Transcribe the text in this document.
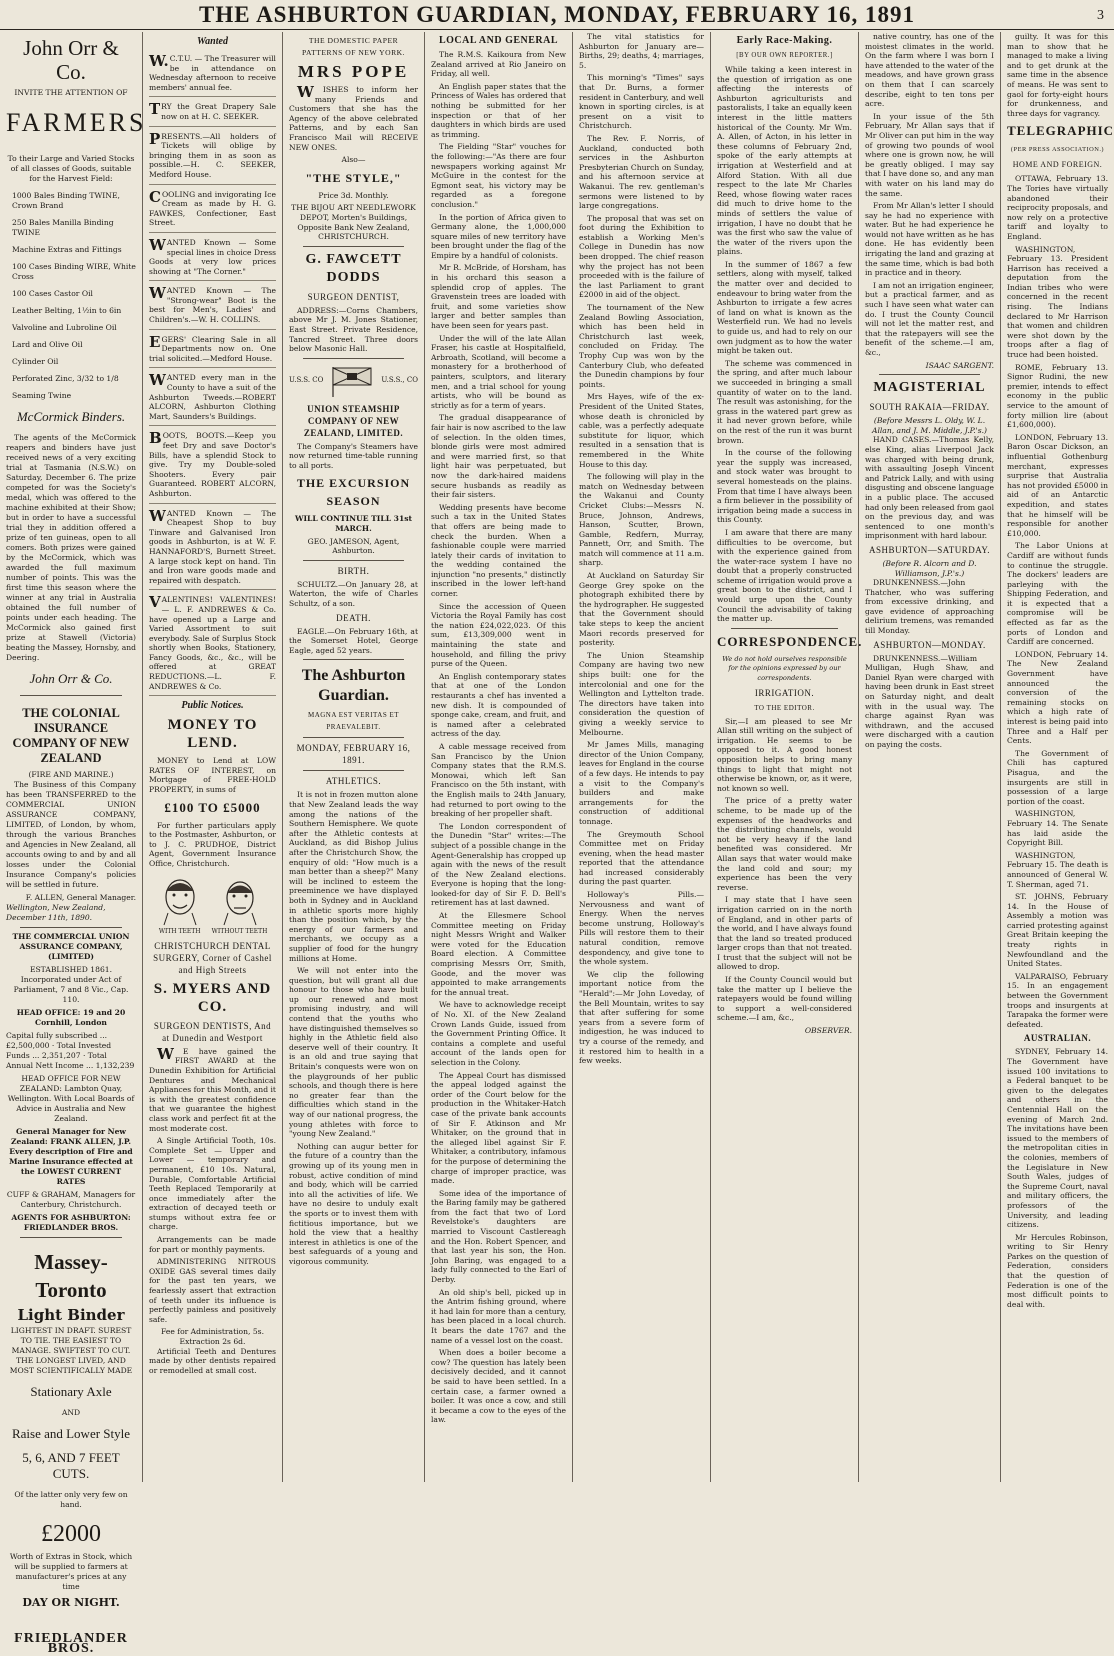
THE ASHBURTON GUARDIAN, MONDAY, FEBRUARY 16, 1891	3
John Orr & Co.
INVITE THE ATTENTION OF
FARMERS
To their Large and Varied Stocks of all classes of Goods, suitable for the Harvest Field:
1000 Bales Binding TWINE, Crown Brand
250 Bales Manilla Binding TWINE
Machine Extras and Fittings
100 Cases Binding WIRE, White Cross
100 Cases Castor Oil
Leather Belting, 1½in to 6in
Valvoline and Lubroline Oil
Lard and Olive Oil
Cylinder Oil
Perforated Zinc, 3/32 to 1/8
Seaming Twine
McCormick Binders.

The agents of the McCormick reapers and binders have just received news of a very exciting trial at Tasmania (N.S.W.) on Saturday, December 6. The prize competed for was the Society's medal, which was offered to the machine exhibited at their Show; but in order to have a successful trial they in addition offered a prize of ten guineas, open to all comers. Both prizes were gained by the McCormick, which was awarded the full maximum number of points. This was the first time this season where the winner at any trial in Australia obtained the full number of points under each heading. The McCormick also gained first prize at Stawell (Victoria) beating the Massey, Hornsby, and Deering.

John Orr & Co.
THE COLONIAL INSURANCE COMPANY OF NEW ZEALAND
(FIRE AND MARINE.)

The Business of this Company has been TRANSFERRED to the COMMERCIAL UNION ASSURANCE COMPANY, LIMITED, of London, by whom, through the various Branches and Agencies in New Zealand, all accounts owing to and by and all losses under the Colonial Insurance Company's policies will be settled in future.

F. ALLEN, General Manager.
Wellington, New Zealand, December 11th, 1890.
THE COMMERCIAL UNION ASSURANCE COMPANY, (LIMITED)
ESTABLISHED 1861.
Incorporated under Act of Parliament, 7 and 8 Vic., Cap. 110.
HEAD OFFICE: 19 and 20 Cornhill, London
Capital fully subscribed ... £2,500,000 · Total Invested Funds ... 2,351,207 · Total Annual Nett Income ... 1,132,239
HEAD OFFICE FOR NEW ZEALAND: Lambton Quay, Wellington. With Local Boards of Advice in Australia and New Zealand.
General Manager for New Zealand: FRANK ALLEN, J.P. Every description of Fire and Marine Insurance effected at the LOWEST CURRENT RATES
CUFF & GRAHAM, Managers for Canterbury, Christchurch.
AGENTS FOR ASHBURTON: FRIEDLANDER BROS.
Massey-Toronto
Light Binder
LIGHTEST IN DRAFT. SUREST TO TIE. THE EASIEST TO MANAGE. SWIFTEST TO CUT. THE LONGEST LIVED, AND MOST SCIENTIFICALLY MADE
Stationary Axle
AND
Raise and Lower Style
5, 6, AND 7 FEET CUTS.
Of the latter only very few on hand.
£2000
Worth of Extras in Stock, which will be supplied to farmers at manufacturer's prices at any time
DAY OR NIGHT.
FRIEDLANDER BROS.
Wanted
W.C.T.U. — The Treasurer will be in attendance on Wednesday afternoon to receive members' annual fee.
TRY the Great Drapery Sale now on at H. C. SEEKER.
PRESENTS.—All holders of Tickets will oblige by bringing them in as soon as possible.—H. C. SEEKER, Medford House.
COOLING and invigorating Ice Cream as made by H. G. FAWKES, Confectioner, East Street.
WANTED Known — Some special lines in choice Dress Goods at very low prices showing at "The Corner."
WANTED Known — The "Strong-wear" Boot is the best for Men's, Ladies' and Children's.—W. H. COLLINS.
EGERS' Clearing Sale in all Departments now on. One trial solicited.—Medford House.
WANTED every man in the County to have a suit of the Ashburton Tweeds.—ROBERT ALCORN, Ashburton Clothing Mart, Saunders's Buildings.
BOOTS, BOOTS.—Keep you feet Dry and save Doctor's Bills, have a splendid Stock to give. Try my Double-soled Shooters. Every pair Guaranteed. ROBERT ALCORN, Ashburton.
WANTED Known — The Cheapest Shop to buy Tinware and Galvanised Iron goods in Ashburton, is at W. F. HANNAFORD'S, Burnett Street. A large stock kept on hand. Tin and Iron ware goods made and repaired with despatch.
VALENTINES! VALENTINES! — L. F. ANDREWES & Co. have opened up a Large and Varied Assortment to suit everybody. Sale of Surplus Stock shortly when Books, Stationery, Fancy Goods, &c., &c., will be offered at GREAT REDUCTIONS.—L. F. ANDREWES & Co.
Public Notices.
MONEY TO LEND.

MONEY to Lend at LOW RATES OF INTEREST, on Mortgage of FREE-HOLD PROPERTY, in sums of

£100 TO £5000

For further particulars apply to the Postmaster, Ashburton, or to J. C. PRUDHOE, District Agent, Government Insurance Office, Christchurch.

WITH TEETH WITHOUT TEETH
CHRISTCHURCH DENTAL SURGERY, Corner of Cashel and High Streets
S. MYERS AND CO.
SURGEON DENTISTS, And at Dunedin and Westport

WE have gained the FIRST AWARD at the Dunedin Exhibition for Artificial Dentures and Mechanical Appliances for this Month, and it is with the greatest confidence that we guarantee the highest class work and perfect fit at the most moderate cost.

A Single Artificial Tooth, 10s. Complete Set — Upper and Lower — temporary and permanent, £10 10s. Natural, Durable, Comfortable Artificial Teeth Replaced Temporarily at once immediately after the extraction of decayed teeth or stumps without extra fee or charge.

Arrangements can be made for part or monthly payments.

ADMINISTERING NITROUS OXIDE GAS several times daily for the past ten years, we fearlessly assert that extraction of teeth under its influence is perfectly painless and positively safe.

Fee for Administration, 5s. Extraction 2s 6d.

Artificial Teeth and Dentures made by other dentists repaired or remodelled at small cost.

THE DOMESTIC PAPER PATTERNS OF NEW YORK.
MRS POPE

WISHES to inform her many Friends and Customers that she has the Agency of the above celebrated Patterns, and by each San Francisco Mail will RECEIVE NEW ONES.

Also—
"THE STYLE,"
Price 3d. Monthly.
THE BIJOU ART NEEDLEWORK DEPOT, Morten's Buildings, Opposite Bank New Zealand, CHRISTCHURCH.
G. FAWCETT DODDS
SURGEON DENTIST,

ADDRESS:—Corns Chambers, above Mr J. M. Jones Stationer, East Street. Private Residence, Tancred Street. Three doors below Masonic Hall.

U.S.S. CO	U.S.S., CO
UNION STEAMSHIP COMPANY OF NEW ZEALAND, LIMITED.

The Company's Steamers have now returned time-table running to all ports.

THE EXCURSION SEASON
WILL CONTINUE TILL 31st MARCH.
GEO. JAMESON, Agent, Ashburton.
BIRTH.

SCHULTZ.—On January 28, at Waterton, the wife of Charles Schultz, of a son.

DEATH.

EAGLE.—On February 16th, at the Somerset Hotel, George Eagle, aged 52 years.

The Ashburton Guardian.
MAGNA EST VERITAS ET PRAEVALEBIT.
MONDAY, FEBRUARY 16, 1891.
ATHLETICS.

It is not in frozen mutton alone that New Zealand leads the way among the nations of the Southern Hemisphere. We quote after the Athletic contests at Auckland, as did Bishop Julius after the Christchurch Show, the enquiry of old: "How much is a man better than a sheep?" Many will be inclined to esteem the preeminence we have displayed both in Sydney and in Auckland in athletic sports more highly than the position which, by the energy of our farmers and merchants, we occupy as a supplier of food for the hungry millions at Home.

We will not enter into the question, but will grant all due honour to those who have built up our renewed and most promising industry, and will contend that the youths who have distinguished themselves so highly in the Athletic field also deserve well of their country. It is an old and true saying that Britain's conquests were won on the playgrounds of her public schools, and though there is here no greater fear than the difficulties which stand in the way of our national progress, the young athletes with force to "young New Zealand."

Nothing can augur better for the future of a country than the growing up of its young men in robust, active condition of mind and body, which will be carried into all the activities of life. We have no desire to unduly exalt the sports or to invest them with fictitious importance, but we hold the view that a healthy interest in athletics is one of the best safeguards of a young and vigorous community.

LOCAL AND GENERAL

The R.M.S. Kaikoura from New Zealand arrived at Rio Janeiro on Friday, all well.

An English paper states that the Princess of Wales has ordered that nothing be submitted for her inspection or that of her daughters in which birds are used as trimming.

The Fielding "Star" vouches for the following:—"As there are four newspapers working against Mr McGuire in the contest for the Egmont seat, his victory may be regarded as a foregone conclusion."

In the portion of Africa given to Germany alone, the 1,000,000 square miles of new territory have been brought under the flag of the Empire by a handful of colonists.

Mr R. McBride, of Horsham, has in his orchard this season a splendid crop of apples. The Gravenstein trees are loaded with fruit, and some varieties show larger and better samples than have been seen for years past.

Under the will of the late Allan Fraser, his castle at Hospitalfield, Arbroath, Scotland, will become a monastery for a brotherhood of painters, sculptors, and literary men, and a trial school for young artists, who will be bound as strictly as for a term of years.

The gradual disappearance of fair hair is now ascribed to the law of selection. In the olden times, blonde girls were most admired and were married first, so that light hair was perpetuated, but now the dark-haired maidens secure husbands as readily as their fair sisters.

Wedding presents have become such a tax in the United States that offers are being made to check the burden. When a fashionable couple were married lately their cards of invitation to the wedding contained the injunction "no presents," distinctly inscribed in the lower left-hand corner.

Since the accession of Queen Victoria the Royal Family has cost the nation £24,022,023. Of this sum, £13,309,000 went in maintaining the state and household, and filling the privy purse of the Queen.

An English contemporary states that at one of the London restaurants a chef has invented a new dish. It is compounded of sponge cake, cream, and fruit, and is named after a celebrated actress of the day.

A cable message received from San Francisco by the Union Company states that the R.M.S. Monowai, which left San Francisco on the 5th instant, with the English mails to 24th January, had returned to port owing to the breaking of her propeller shaft.

The London correspondent of the Dunedin "Star" writes:—The subject of a possible change in the Agent-Generalship has cropped up again with the news of the result of the New Zealand elections. Everyone is hoping that the long-looked-for day of Sir F. D. Bell's retirement has at last dawned.

At the Ellesmere School Committee meeting on Friday night Messrs Wright and Walker were voted for the Education Board election. A Committee comprising Messrs Orr, Smith, Goode, and the mover was appointed to make arrangements for the annual treat.

We have to acknowledge receipt of No. XI. of the New Zealand Crown Lands Guide, issued from the Government Printing Office. It contains a complete and useful account of the lands open for selection in the Colony.

The Appeal Court has dismissed the appeal lodged against the order of the Court below for the production in the Whitaker-Hatch case of the private bank accounts of Sir F. Atkinson and Mr Whitaker, on the ground that in the alleged libel against Sir F. Whitaker, a contributory, infamous for the purpose of determining the charge of improper practice, was made.

Some idea of the importance of the Baring family may be gathered from the fact that two of Lord Revelstoke's daughters are married to Viscount Castlereagh and the Hon. Robert Spencer, and that last year his son, the Hon. John Baring, was engaged to a lady fully connected to the Earl of Derby.

An old ship's bell, picked up in the Antrim fishing ground, where it had lain for more than a century, has been placed in a local church. It bears the date 1767 and the name of a vessel lost on the coast.

When does a boiler become a cow? The question has lately been decisively decided, and it cannot be said to have been settled. In a certain case, a farmer owned a boiler. It was once a cow, and still it became a cow to the eyes of the law.

The vital statistics for Ashburton for January are—Births, 29; deaths, 4; marriages, 5.

This morning's "Times" says that Dr. Burns, a former resident in Canterbury, and well known in sporting circles, is at present on a visit to Christchurch.

The Rev. F. Norris, of Auckland, conducted both services in the Ashburton Presbyterian Church on Sunday, and his afternoon service at Wakanui. The rev. gentleman's sermons were listened to by large congregations.

The proposal that was set on foot during the Exhibition to establish a Working Men's College in Dunedin has now been dropped. The chief reason why the project has not been proceeded with is the failure of the last Parliament to grant £2000 in aid of the object.

The tournament of the New Zealand Bowling Association, which has been held in Christchurch last week, concluded on Friday. The Trophy Cup was won by the Canterbury Club, who defeated the Dunedin champions by four points.

Mrs Hayes, wife of the ex-President of the United States, whose death is chronicled by cable, was a perfectly adequate substitute for liquor, which resulted in a sensation that is remembered in the White House to this day.

The following will play in the match on Wednesday between the Wakanui and County Cricket Clubs:—Messrs N. Bruce, Johnson, Andrews, Hanson, Scutter, Brown, Gamble, Redfern, Murray, Pannett, Orr, and Smith. The match will commence at 11 a.m. sharp.

At Auckland on Saturday Sir George Grey spoke on the photograph exhibited there by the hydrographer. He suggested that the Government should take steps to keep the ancient Maori records preserved for posterity.

The Union Steamship Company are having two new ships built: one for the intercolonial and one for the Wellington and Lyttelton trade. The directors have taken into consideration the question of giving a weekly service to Melbourne.

Mr James Mills, managing director of the Union Company, leaves for England in the course of a few days. He intends to pay a visit to the Company's builders and make arrangements for the construction of additional tonnage.

The Greymouth School Committee met on Friday evening, when the head master reported that the attendance had increased considerably during the past quarter.

Holloway's Pills.—Nervousness and want of Energy. When the nerves become unstrung, Holloway's Pills will restore them to their natural condition, remove despondency, and give tone to the whole system.

We clip the following important notice from the "Herald":—Mr John Loveday, of the Bell Mountain, writes to say that after suffering for some years from a severe form of indigestion, he was induced to try a course of the remedy, and it restored him to health in a few weeks.

Early Race-Making.
[BY OUR OWN REPORTER.]

While taking a keen interest in the question of irrigation as one affecting the interests of Ashburton agriculturists and pastoralists, I take an equally keen interest in the little matters historical of the County. Mr Wm. A. Allen, of Acton, in his letter in these columns of February 2nd, spoke of the early attempts at irrigation at Westerfield and at Alford Station. With all due respect to the late Mr Charles Reed, whose flowing water races did much to drive home to the minds of settlers the value of irrigation, I have no doubt that he was the first who saw the value of the water of the rivers upon the plains.

In the summer of 1867 a few settlers, along with myself, talked the matter over and decided to endeavour to bring water from the Ashburton to irrigate a few acres of land on what is known as the Westerfield run. We had no levels to guide us, and had to rely on our own judgment as to how the water might be taken out.

The scheme was commenced in the spring, and after much labour we succeeded in bringing a small quantity of water on to the land. The result was astonishing, for the grass in the watered part grew as it had never grown before, while on the rest of the run it was burnt brown.

In the course of the following year the supply was increased, and stock water was brought to several homesteads on the plains. From that time I have always been a firm believer in the possibility of irrigation being made a success in this County.

I am aware that there are many difficulties to be overcome, but with the experience gained from the water-race system I have no doubt that a properly constructed scheme of irrigation would prove a great boon to the district, and I would urge upon the County Council the advisability of taking the matter up.

CORRESPONDENCE.
We do not hold ourselves responsible for the opinions expressed by our correspondents.
IRRIGATION.
TO THE EDITOR.

Sir,—I am pleased to see Mr Allan still writing on the subject of irrigation. He seems to be opposed to it. A good honest opposition helps to bring many things to light that might not otherwise be known, or, as it were, not known so well.

The price of a pretty water scheme, to be made up of the expenses of the headworks and the distributing channels, would not be very heavy if the land benefited was considered. Mr Allan says that water would make the land cold and sour; my experience has been the very reverse.

I may state that I have seen irrigation carried on in the north of England, and in other parts of the world, and I have always found that the land so treated produced larger crops than that not treated. I trust that the subject will not be allowed to drop.

If the County Council would but take the matter up I believe the ratepayers would be found willing to support a well-considered scheme.—I am, &c.,

OBSERVER.

native country, has one of the moistest climates in the world. On the farm where I was born I have attended to the water of the meadows, and have grown grass on them that I can scarcely describe, eight to ten tons per acre.

In your issue of the 5th February, Mr Allan says that if Mr Oliver can put him in the way of growing two pounds of wool where one is grown now, he will be greatly obliged. I may say that I have done so, and any man with water on his land may do the same.

From Mr Allan's letter I should say he had no experience with water. But he had experience he would not have written as he has done. He has evidently been irrigating the land and grazing at the same time, which is bad both in practice and in theory.

I am not an irrigation engineer, but a practical farmer, and as such I have seen what water can do. I trust the County Council will not let the matter rest, and that the ratepayers will see the benefit of the scheme.—I am, &c.,

ISAAC SARGENT.
MAGISTERIAL
SOUTH RAKAIA—FRIDAY.
(Before Messrs L. Oldy, W. L. Allan, and J. M. Middle, J.P.'s.)

HAND CASES.—Thomas Kelly, else King, alias Liverpool Jack was charged with being drunk, with assaulting Joseph Vincent and Patrick Lally, and with using disgusting and obscene language in a public place. The accused had only been released from gaol on the previous day, and was sentenced to one month's imprisonment with hard labour.

ASHBURTON—SATURDAY.
(Before R. Alcorn and D. Williamson, J.P.'s.)

DRUNKENNESS.—John Thatcher, who was suffering from excessive drinking, and gave evidence of approaching delirium tremens, was remanded till Monday.

ASHBURTON—MONDAY.

DRUNKENNESS.—William Mulligan, Hugh Shaw, and Daniel Ryan were charged with having been drunk in East street on Saturday night, and dealt with in the usual way. The charge against Ryan was withdrawn, and the accused were discharged with a caution on paying the costs.

guilty. It was for this man to show that he managed to make a living and to get drunk at the same time in the absence of means. He was sent to gaol for forty-eight hours for drunkenness, and three days for vagrancy.

TELEGRAPHIC
(PER PRESS ASSOCIATION.)
HOME AND FOREIGN.

OTTAWA, February 13. The Tories have virtually abandoned their reciprocity proposals, and now rely on a protective tariff and loyalty to England.

WASHINGTON, February 13. President Harrison has received a deputation from the Indian tribes who were concerned in the recent rising. The Indians declared to Mr Harrison that women and children were shot down by the troops after a flag of truce had been hoisted.

ROME, February 13. Signor Rudini, the new premier, intends to effect economy in the public service to the amount of forty million lire (about £1,600,000).

LONDON, February 13. Baron Oscar Dickson, an influential Gothenburg merchant, expresses surprise that Australia has not provided £5000 in aid of an Antarctic expedition, and states that he himself will be responsible for another £10,000.

The Labor Unions at Cardiff are without funds to continue the struggle. The dockers' leaders are parleying with the Shipping Federation, and it is expected that a compromise will be effected as far as the ports of London and Cardiff are concerned.

LONDON, February 14. The New Zealand Government have announced the conversion of the remaining stocks on which a high rate of interest is being paid into Three and a Half per Cents.

The Government of Chili has captured Pisagua, and the insurgents are still in possession of a large portion of the coast.

WASHINGTON, February 14. The Senate has laid aside the Copyright Bill.

WASHINGTON, February 15. The death is announced of General W. T. Sherman, aged 71.

ST. JOHNS, February 14. In the House of Assembly a motion was carried protesting against Great Britain keeping the treaty rights in Newfoundland and the United States.

VALPARAISO, February 15. In an engagement between the Government troops and insurgents at Tarapaka the former were defeated.

AUSTRALIAN.

SYDNEY, February 14. The Government have issued 100 invitations to a Federal banquet to be given to the delegates and others in the Centennial Hall on the evening of March 2nd. The invitations have been issued to the members of the metropolitan cities in the colonies, members of the Legislature in New South Wales, judges of the Supreme Court, naval and military officers, the professors of the University, and leading citizens.

Mr Hercules Robinson, writing to Sir Henry Parkes on the question of Federation, considers that the question of Federation is one of the most difficult points to deal with.
